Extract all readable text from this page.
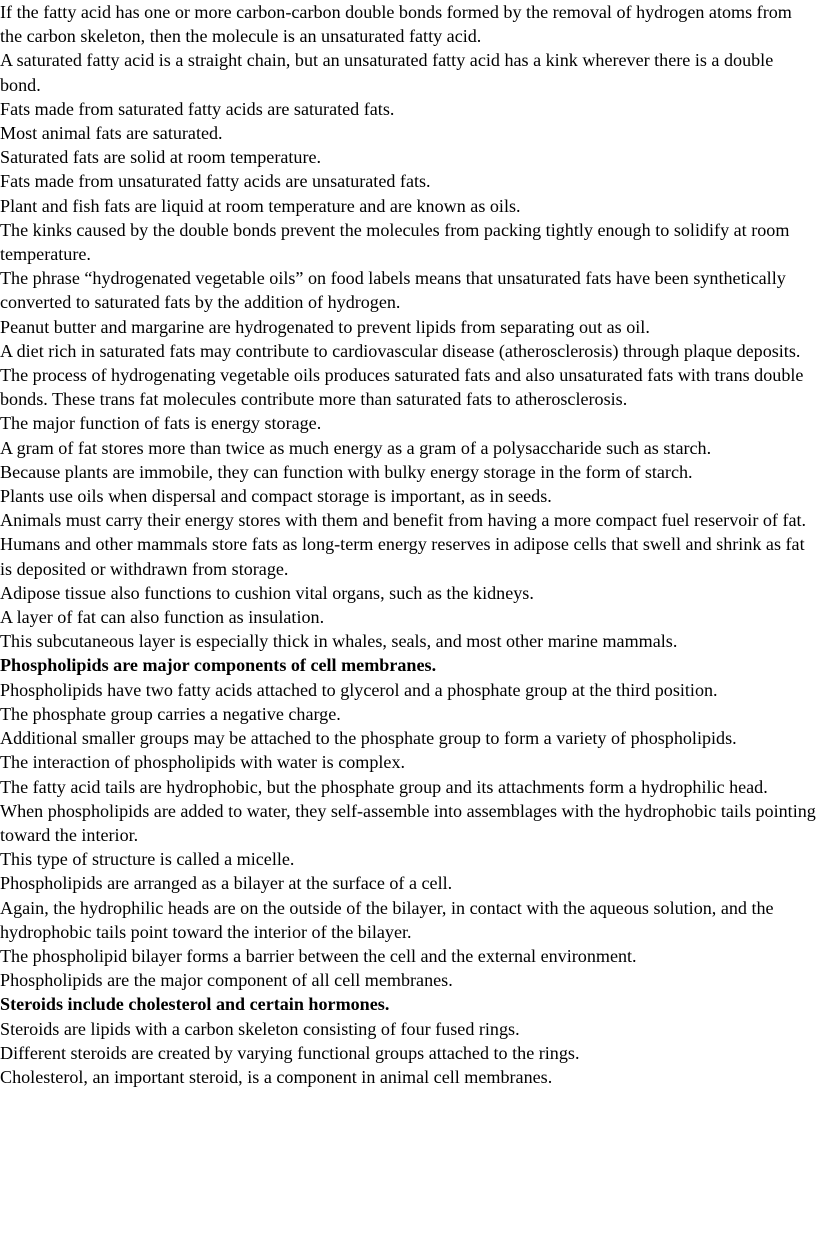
If the fatty acid has one or more carbon-carbon double bonds formed by the removal of hydrogen atoms from the carbon skeleton, then the molecule is an unsaturated fatty acid.

A saturated fatty acid is a straight chain, but an unsaturated fatty acid has a kink wherever there is a double bond.

Fats made from saturated fatty acids are saturated fats.

Most animal fats are saturated.

Saturated fats are solid at room temperature.

Fats made from unsaturated fatty acids are unsaturated fats.

Plant and fish fats are liquid at room temperature and are known as oils.

The kinks caused by the double bonds prevent the molecules from packing tightly enough to solidify at room temperature.

The phrase “hydrogenated vegetable oils” on food labels means that unsaturated fats have been synthetically converted to saturated fats by the addition of hydrogen.

Peanut butter and margarine are hydrogenated to prevent lipids from separating out as oil.

A diet rich in saturated fats may contribute to cardiovascular disease (atherosclerosis) through plaque deposits.

The process of hydrogenating vegetable oils produces saturated fats and also unsaturated fats with trans double bonds. These trans fat molecules contribute more than saturated fats to atherosclerosis.

The major function of fats is energy storage.

A gram of fat stores more than twice as much energy as a gram of a polysaccharide such as starch.

Because plants are immobile, they can function with bulky energy storage in the form of starch.

Plants use oils when dispersal and compact storage is important, as in seeds.

Animals must carry their energy stores with them and benefit from having a more compact fuel reservoir of fat.

Humans and other mammals store fats as long-term energy reserves in adipose cells that swell and shrink as fat is deposited or withdrawn from storage.

Adipose tissue also functions to cushion vital organs, such as the kidneys.

A layer of fat can also function as insulation.

This subcutaneous layer is especially thick in whales, seals, and most other marine mammals.

Phospholipids are major components of cell membranes.

Phospholipids have two fatty acids attached to glycerol and a phosphate group at the third position.

The phosphate group carries a negative charge.

Additional smaller groups may be attached to the phosphate group to form a variety of phospholipids.

The interaction of phospholipids with water is complex.

The fatty acid tails are hydrophobic, but the phosphate group and its attachments form a hydrophilic head.

When phospholipids are added to water, they self-assemble into assemblages with the hydrophobic tails pointing toward the interior.

This type of structure is called a micelle.

Phospholipids are arranged as a bilayer at the surface of a cell.

Again, the hydrophilic heads are on the outside of the bilayer, in contact with the aqueous solution, and the hydrophobic tails point toward the interior of the bilayer.

The phospholipid bilayer forms a barrier between the cell and the external environment.

Phospholipids are the major component of all cell membranes.

Steroids include cholesterol and certain hormones.

Steroids are lipids with a carbon skeleton consisting of four fused rings.

Different steroids are created by varying functional groups attached to the rings.

Cholesterol, an important steroid, is a component in animal cell membranes.
